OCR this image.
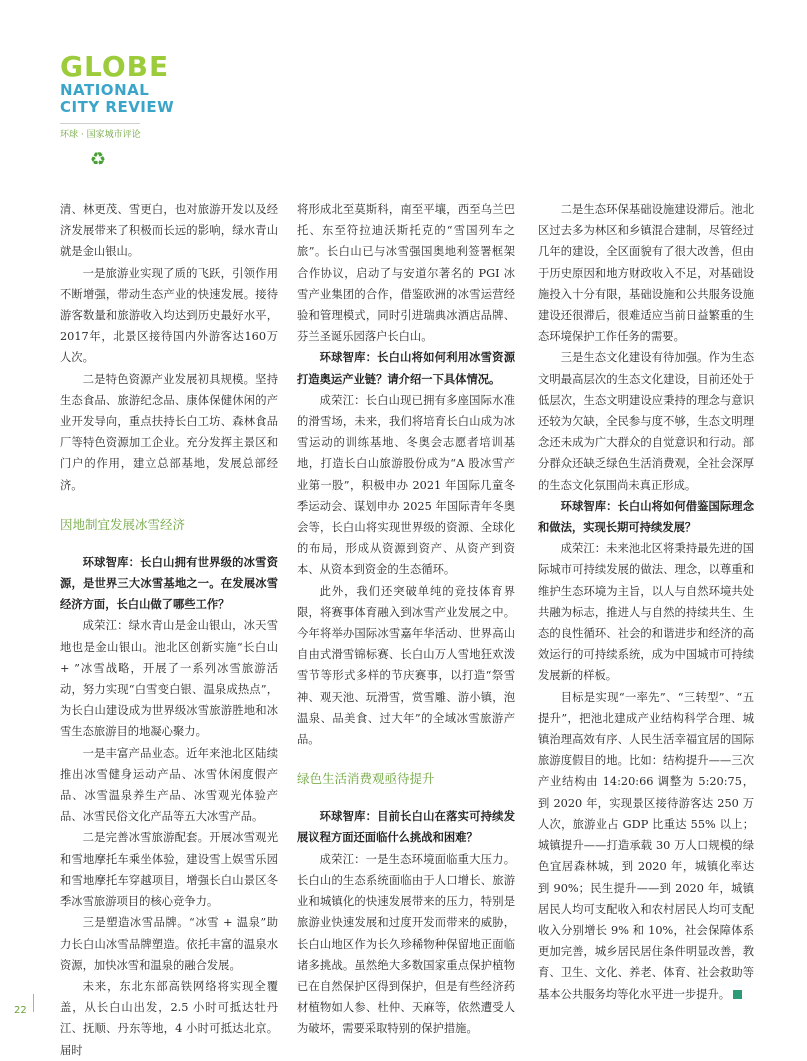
GLOBE
NATIONAL
CITY REVIEW
环球 · 国家城市评论
♻

清、林更茂、雪更白，也对旅游开发以及经济发展带来了积极而长远的影响，绿水青山就是金山银山。

一是旅游业实现了质的飞跃，引领作用不断增强，带动生态产业的快速发展。接待游客数量和旅游收入均达到历史最好水平，2017年，北景区接待国内外游客达160万人次。

二是特色资源产业发展初具规模。坚持生态食品、旅游纪念品、康体保健休闲的产业开发导向，重点扶持长白工坊、森林食品厂等特色资源加工企业。充分发挥主景区和门户的作用，建立总部基地，发展总部经济。

因地制宜发展冰雪经济

环球智库：长白山拥有世界级的冰雪资源，是世界三大冰雪基地之一。在发展冰雪经济方面，长白山做了哪些工作？

成荣江：绿水青山是金山银山，冰天雪地也是金山银山。池北区创新实施“长白山 + ”冰雪战略，开展了一系列冰雪旅游活动，努力实现“白雪变白银、温泉成热点”，为长白山建设成为世界级冰雪旅游胜地和冰雪生态旅游目的地凝心聚力。

一是丰富产品业态。近年来池北区陆续推出冰雪健身运动产品、冰雪休闲度假产品、冰雪温泉养生产品、冰雪观光体验产品、冰雪民俗文化产品等五大冰雪产品。

二是完善冰雪旅游配套。开展冰雪观光和雪地摩托车乘坐体验，建设雪上娱雪乐园和雪地摩托车穿越项目，增强长白山景区冬季冰雪旅游项目的核心竞争力。

三是塑造冰雪品牌。“冰雪 + 温泉”助力长白山冰雪品牌塑造。依托丰富的温泉水资源，加快冰雪和温泉的融合发展。

未来，东北东部高铁网络将实现全覆盖，从长白山出发，2.5 小时可抵达牡丹江、抚顺、丹东等地，4 小时可抵达北京。届时

将形成北至莫斯科，南至平壤，西至乌兰巴托、东至符拉迪沃斯托克的“雪国列车之旅”。长白山已与冰雪强国奥地利签署框架合作协议，启动了与安道尔著名的 PGI 冰雪产业集团的合作，借鉴欧洲的冰雪运营经验和管理模式，同时引进瑞典冰酒店品牌、芬兰圣诞乐园落户长白山。

环球智库：长白山将如何利用冰雪资源打造奥运产业链？请介绍一下具体情况。

成荣江：长白山现已拥有多座国际水准的滑雪场，未来，我们将培育长白山成为冰雪运动的训练基地、冬奥会志愿者培训基地，打造长白山旅游股份成为“A 股冰雪产业第一股”，积极申办 2021 年国际几童冬季运动会、谋划申办 2025 年国际青年冬奥会等，长白山将实现世界级的资源、全球化的布局，形成从资源到资产、从资产到资本、从资本到资金的生态循环。

此外，我们还突破单纯的竞技体育界限，将赛事体育融入到冰雪产业发展之中。今年将举办国际冰雪嘉年华活动、世界高山自由式滑雪锦标赛、长白山万人雪地狂欢泼雪节等形式多样的节庆赛事，以打造“祭雪神、观天池、玩滑雪，赏雪雕、游小镇，泡温泉、品美食、过大年”的全域冰雪旅游产品。

绿色生活消费观亟待提升

环球智库：目前长白山在落实可持续发展议程方面还面临什么挑战和困难？

成荣江：一是生态环境面临重大压力。长白山的生态系统面临由于人口增长、旅游业和城镇化的快速发展带来的压力，特别是旅游业快速发展和过度开发而带来的威胁，长白山地区作为长久珍稀物种保留地正面临诸多挑战。虽然绝大多数国家重点保护植物已在自然保护区得到保护，但是有些经济药材植物如人参、杜仲、天麻等，依然遭受人为破坏，需要采取特别的保护措施。

二是生态环保基础设施建设滞后。池北区过去多为林区和乡镇混合建制，尽管经过几年的建设，全区面貌有了很大改善，但由于历史原因和地方财政收入不足，对基础设施投入十分有限，基础设施和公共服务设施建设还很滞后，很难适应当前日益繁重的生态环境保护工作任务的需要。

三是生态文化建设有待加强。作为生态文明最高层次的生态文化建设，目前还处于低层次，生态文明建设应秉持的理念与意识还较为欠缺，全民参与度不够，生态文明理念还未成为广大群众的自觉意识和行动。部分群众还缺乏绿色生活消费观，全社会深厚的生态文化氛围尚未真正形成。

环球智库：长白山将如何借鉴国际理念和做法，实现长期可持续发展？

成荣江：未来池北区将秉持最先进的国际城市可持续发展的做法、理念，以尊重和维护生态环境为主旨，以人与自然环境共处共融为标志，推进人与自然的持续共生、生态的良性循环、社会的和谐进步和经济的高效运行的可持续系统，成为中国城市可持续发展新的样板。

目标是实现“一率先”、“三转型”、“五提升”，把池北建成产业结构科学合理、城镇治理高效有序、人民生活幸福宜居的国际旅游度假目的地。比如：结构提升——三次产业结构由 14:20:66 调整为 5:20:75，到 2020 年，实现景区接待游客达 250 万人次，旅游业占 GDP 比重达 55% 以上；城镇提升——打造承载 30 万人口规模的绿色宜居森林城，到 2020 年，城镇化率达到 90%；民生提升——到 2020 年，城镇居民人均可支配收入和农村居民人均可支配收入分别增长 9% 和 10%，社会保障体系更加完善，城乡居民居住条件明显改善，教育、卫生、文化、养老、体育、社会救助等基本公共服务均等化水平进一步提升。

22
